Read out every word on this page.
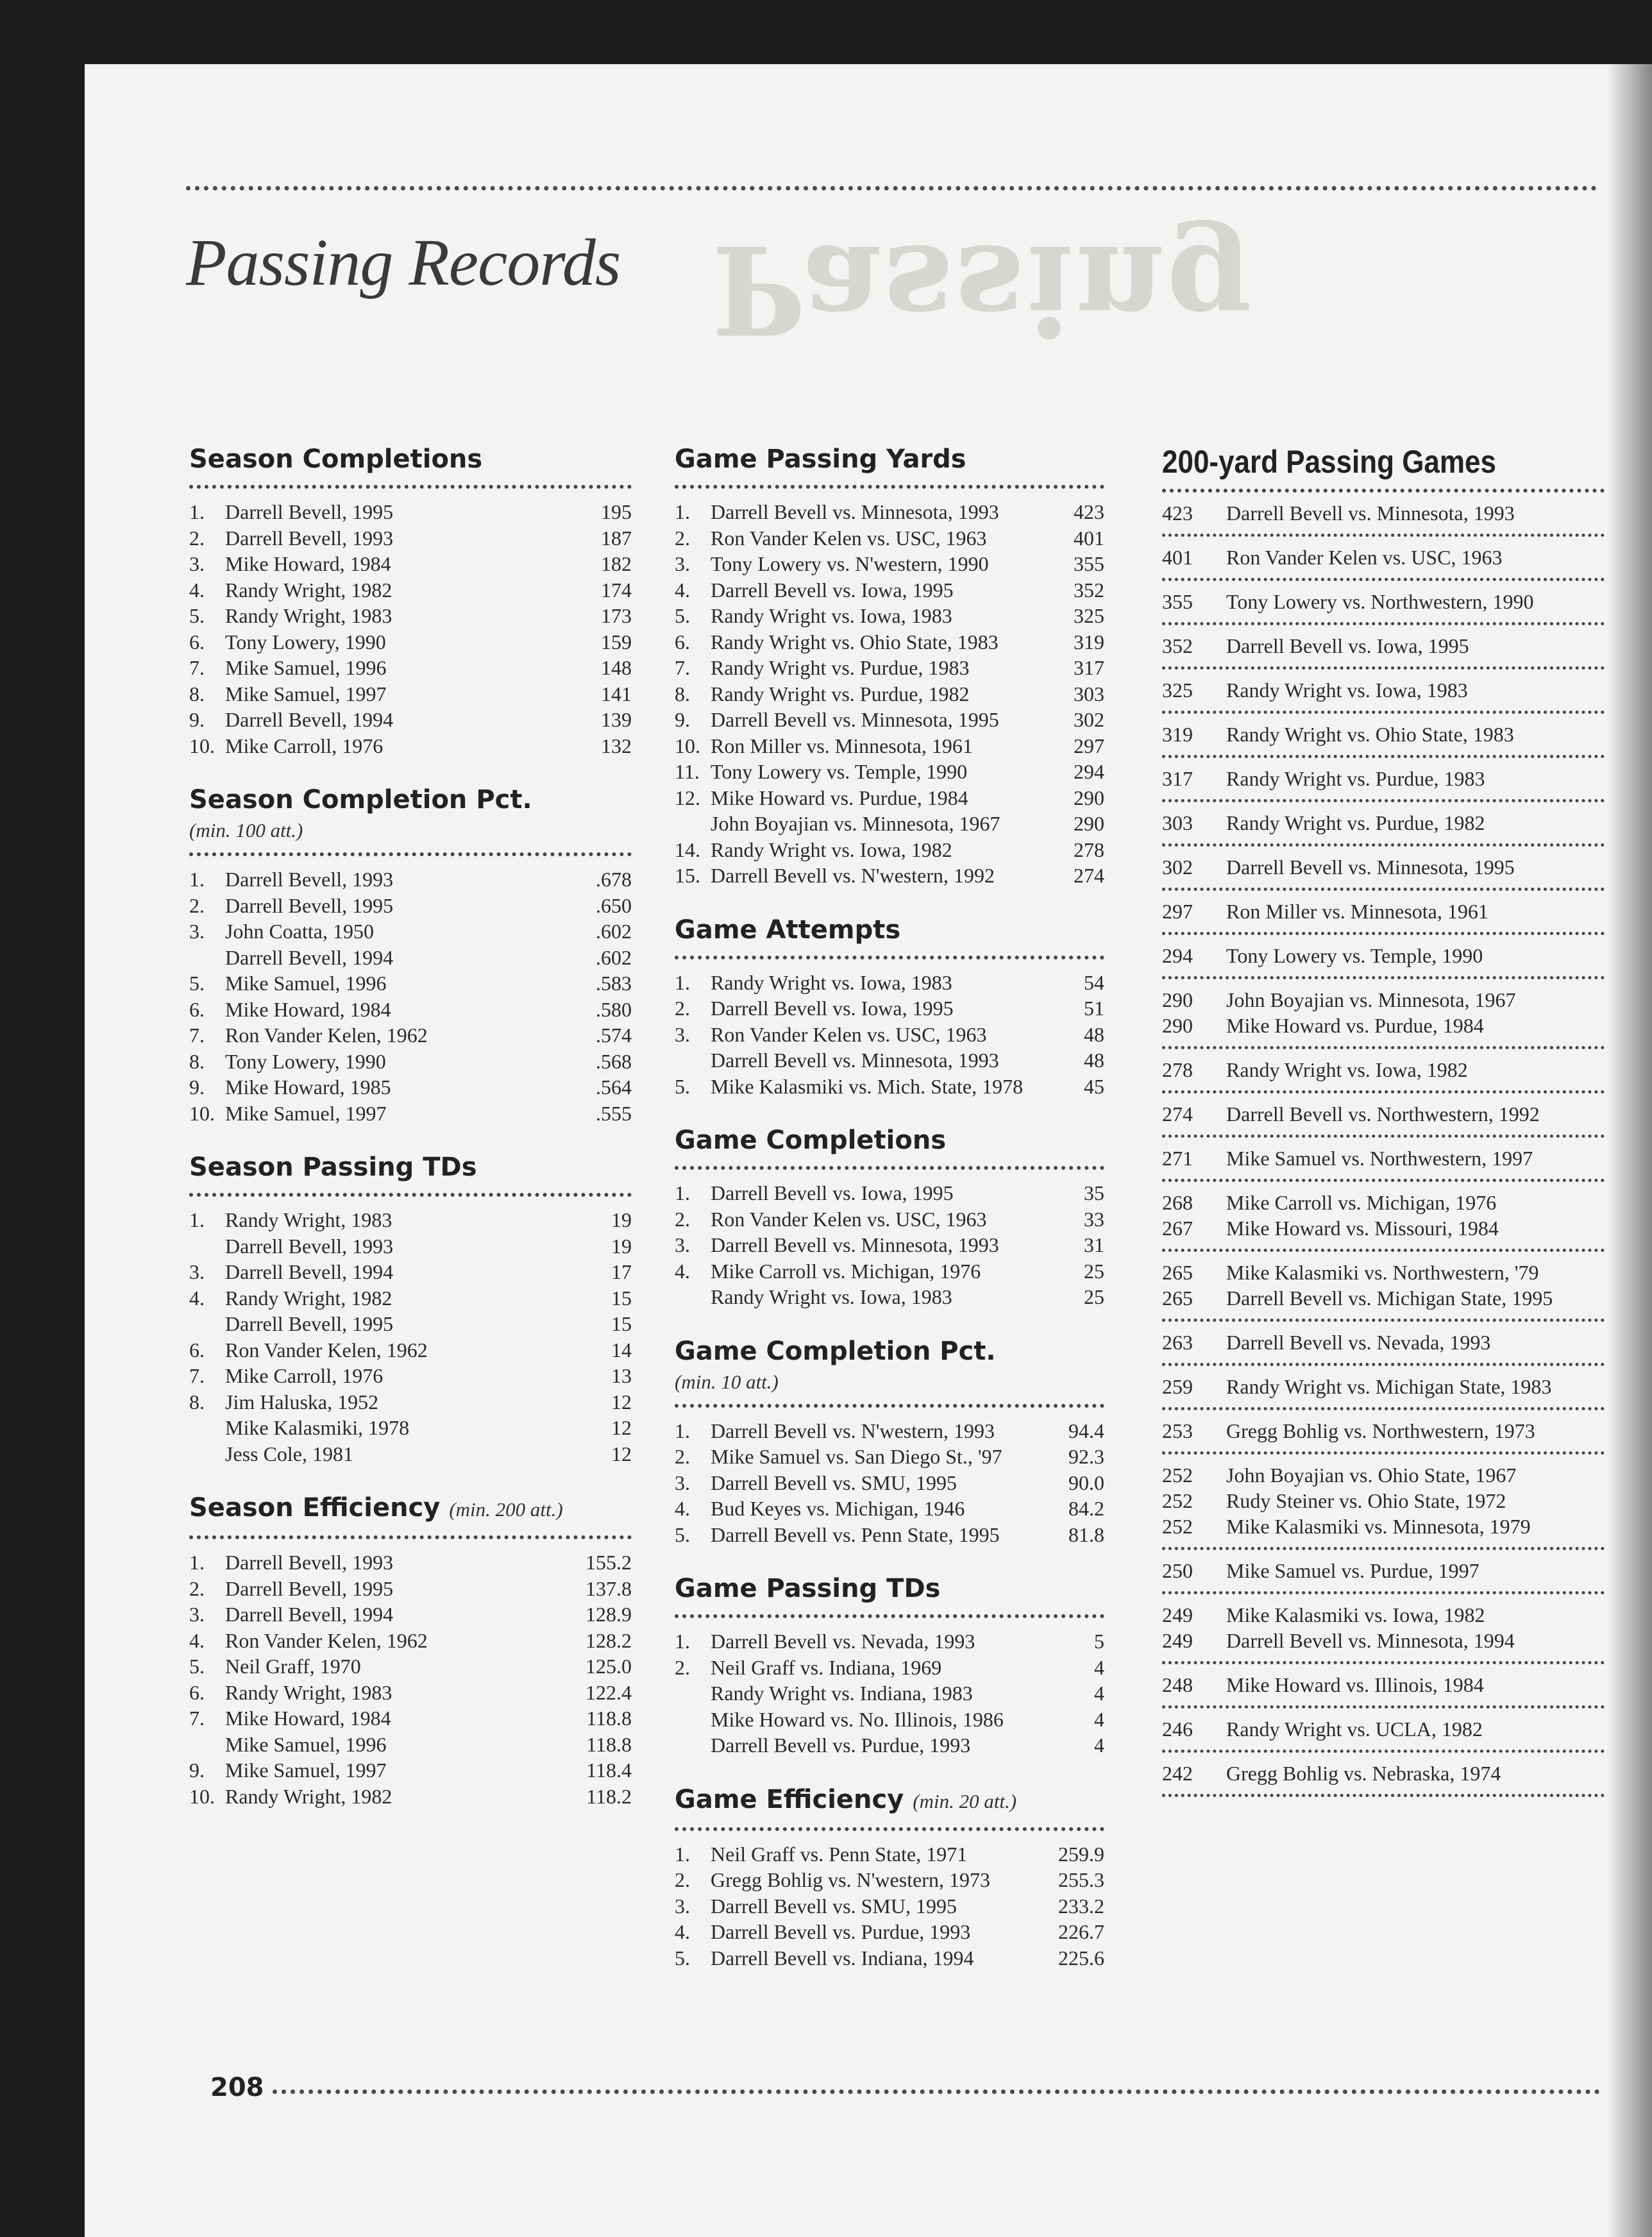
Passing
Passing Records
Season Completions
1.	Darrell Bevell, 1995	195
2.	Darrell Bevell, 1993	187
3.	Mike Howard, 1984	182
4.	Randy Wright, 1982	174
5.	Randy Wright, 1983	173
6.	Tony Lowery, 1990	159
7.	Mike Samuel, 1996	148
8.	Mike Samuel, 1997	141
9.	Darrell Bevell, 1994	139
10. Mike Carroll, 1976	132
Season Completion Pct.
(min. 100 att.)
1.	Darrell Bevell, 1993	.678
2.	Darrell Bevell, 1995	.650
3.	John Coatta, 1950	.602
Darrell Bevell, 1994	.602
5.	Mike Samuel, 1996	.583
6.	Mike Howard, 1984	.580
7.	Ron Vander Kelen, 1962	.574
8.	Tony Lowery, 1990	.568
9.	Mike Howard, 1985	.564
10. Mike Samuel, 1997	.555
Season Passing TDs
1.	Randy Wright, 1983	19
Darrell Bevell, 1993	19
3.	Darrell Bevell, 1994	17
4.	Randy Wright, 1982	15
Darrell Bevell, 1995	15
6.	Ron Vander Kelen, 1962	14
7.	Mike Carroll, 1976	13
8.	Jim Haluska, 1952	12
Mike Kalasmiki, 1978	12
Jess Cole, 1981	12
Season Efficiency (min. 200 att.)
1.	Darrell Bevell, 1993	155.2
2.	Darrell Bevell, 1995	137.8
3.	Darrell Bevell, 1994	128.9
4.	Ron Vander Kelen, 1962	128.2
5.	Neil Graff, 1970	125.0
6.	Randy Wright, 1983	122.4
7.	Mike Howard, 1984	118.8
Mike Samuel, 1996	118.8
9.	Mike Samuel, 1997	118.4
10. Randy Wright, 1982	118.2
Game Passing Yards
1.	Darrell Bevell vs. Minnesota, 1993	423
2.	Ron Vander Kelen vs. USC, 1963	401
3.	Tony Lowery vs. N'western, 1990	355
4.	Darrell Bevell vs. Iowa, 1995	352
5.	Randy Wright vs. Iowa, 1983	325
6.	Randy Wright vs. Ohio State, 1983	319
7.	Randy Wright vs. Purdue, 1983	317
8.	Randy Wright vs. Purdue, 1982	303
9.	Darrell Bevell vs. Minnesota, 1995	302
10. Ron Miller vs. Minnesota, 1961	297
11. Tony Lowery vs. Temple, 1990	294
12. Mike Howard vs. Purdue, 1984	290
John Boyajian vs. Minnesota, 1967	290
14. Randy Wright vs. Iowa, 1982	278
15. Darrell Bevell vs. N'western, 1992	274
Game Attempts
1.	Randy Wright vs. Iowa, 1983	54
2.	Darrell Bevell vs. Iowa, 1995	51
3.	Ron Vander Kelen vs. USC, 1963	48
Darrell Bevell vs. Minnesota, 1993	48
5.	Mike Kalasmiki vs. Mich. State, 1978	45
Game Completions
1.	Darrell Bevell vs. Iowa, 1995	35
2.	Ron Vander Kelen vs. USC, 1963	33
3.	Darrell Bevell vs. Minnesota, 1993	31
4.	Mike Carroll vs. Michigan, 1976	25
Randy Wright vs. Iowa, 1983	25
Game Completion Pct.
(min. 10 att.)
1.	Darrell Bevell vs. N'western, 1993	94.4
2.	Mike Samuel vs. San Diego St., '97	92.3
3.	Darrell Bevell vs. SMU, 1995	90.0
4.	Bud Keyes vs. Michigan, 1946	84.2
5.	Darrell Bevell vs. Penn State, 1995	81.8
Game Passing TDs
1.	Darrell Bevell vs. Nevada, 1993	5
2.	Neil Graff vs. Indiana, 1969	4
Randy Wright vs. Indiana, 1983	4
Mike Howard vs. No. Illinois, 1986	4
Darrell Bevell vs. Purdue, 1993	4
Game Efficiency (min. 20 att.)
1.	Neil Graff vs. Penn State, 1971	259.9
2.	Gregg Bohlig vs. N'western, 1973	255.3
3.	Darrell Bevell vs. SMU, 1995	233.2
4.	Darrell Bevell vs. Purdue, 1993	226.7
5.	Darrell Bevell vs. Indiana, 1994	225.6
200-yard Passing Games
423	Darrell Bevell vs. Minnesota, 1993
401	Ron Vander Kelen vs. USC, 1963
355	Tony Lowery vs. Northwestern, 1990
352	Darrell Bevell vs. Iowa, 1995
325	Randy Wright vs. Iowa, 1983
319	Randy Wright vs. Ohio State, 1983
317	Randy Wright vs. Purdue, 1983
303	Randy Wright vs. Purdue, 1982
302	Darrell Bevell vs. Minnesota, 1995
297	Ron Miller vs. Minnesota, 1961
294	Tony Lowery vs. Temple, 1990
290	John Boyajian vs. Minnesota, 1967
290	Mike Howard vs. Purdue, 1984
278	Randy Wright vs. Iowa, 1982
274	Darrell Bevell vs. Northwestern, 1992
271	Mike Samuel vs. Northwestern, 1997
268	Mike Carroll vs. Michigan, 1976
267	Mike Howard vs. Missouri, 1984
265	Mike Kalasmiki vs. Northwestern, '79
265	Darrell Bevell vs. Michigan State, 1995
263	Darrell Bevell vs. Nevada, 1993
259	Randy Wright vs. Michigan State, 1983
253	Gregg Bohlig vs. Northwestern, 1973
252	John Boyajian vs. Ohio State, 1967
252	Rudy Steiner vs. Ohio State, 1972
252	Mike Kalasmiki vs. Minnesota, 1979
250	Mike Samuel vs. Purdue, 1997
249	Mike Kalasmiki vs. Iowa, 1982
249	Darrell Bevell vs. Minnesota, 1994
248	Mike Howard vs. Illinois, 1984
246	Randy Wright vs. UCLA, 1982
242	Gregg Bohlig vs. Nebraska, 1974
208
